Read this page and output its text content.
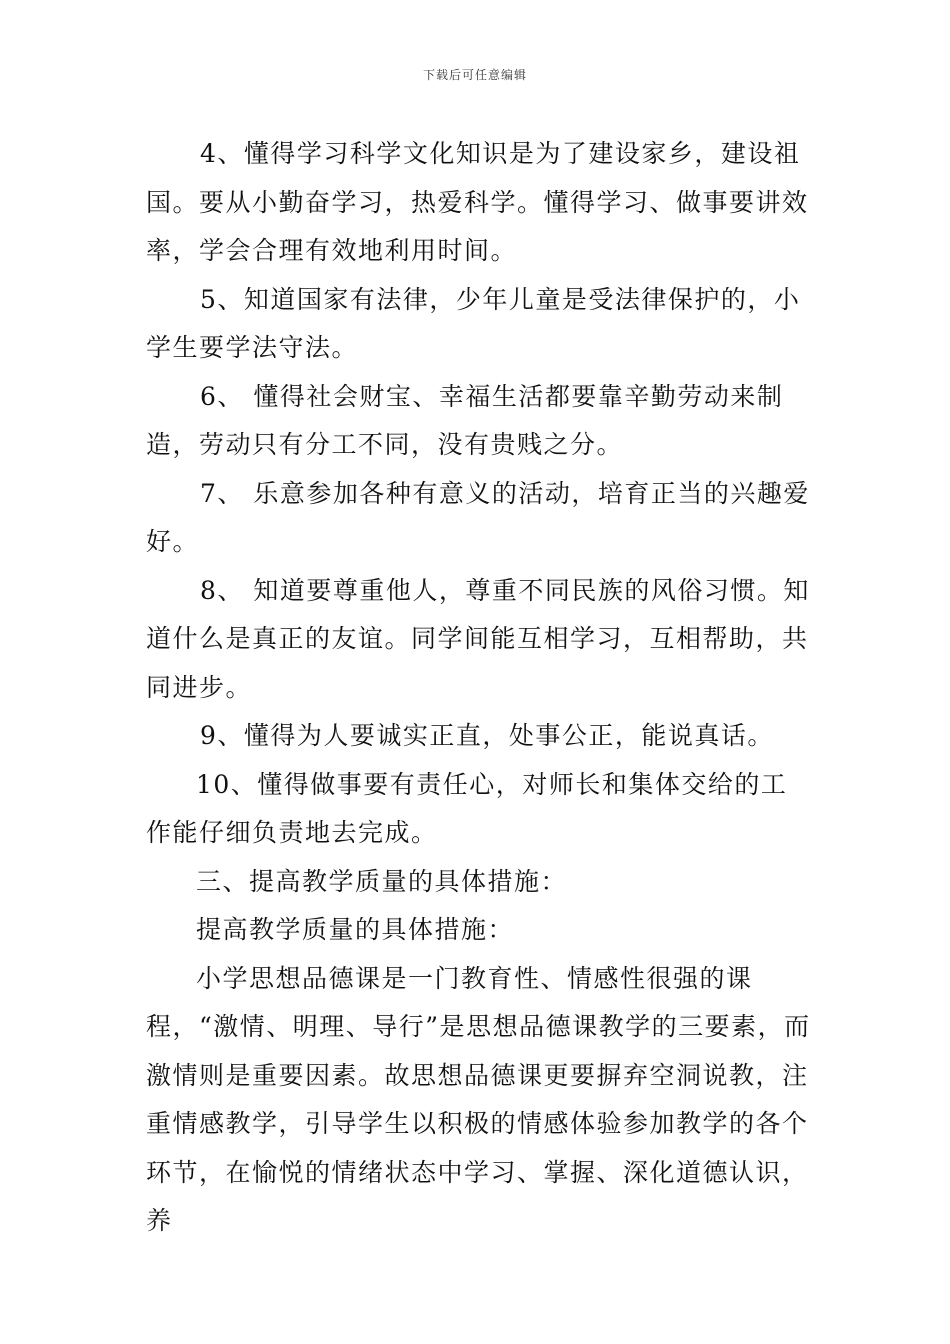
下载后可任意编辑

4、懂得学习科学文化知识是为了建设家乡，建设祖国。要从小勤奋学习，热爱科学。懂得学习、做事要讲效率，学会合理有效地利用时间。

5、知道国家有法律，少年儿童是受法律保护的，小学生要学法守法。

6、 懂得社会财宝、幸福生活都要靠辛勤劳动来制造，劳动只有分工不同，没有贵贱之分。

7、 乐意参加各种有意义的活动，培育正当的兴趣爱好。

8、 知道要尊重他人，尊重不同民族的风俗习惯。知道什么是真正的友谊。同学间能互相学习，互相帮助，共同进步。

9、懂得为人要诚实正直，处事公正，能说真话。

10、懂得做事要有责任心，对师长和集体交给的工作能仔细负责地去完成。

三、提高教学质量的具体措施：

提高教学质量的具体措施：

小学思想品德课是一门教育性、情感性很强的课程，“激情、明理、导行”是思想品德课教学的三要素，而激情则是重要因素。故思想品德课更要摒弃空洞说教，注重情感教学，引导学生以积极的情感体验参加教学的各个环节，在愉悦的情绪状态中学习、掌握、深化道德认识，养
